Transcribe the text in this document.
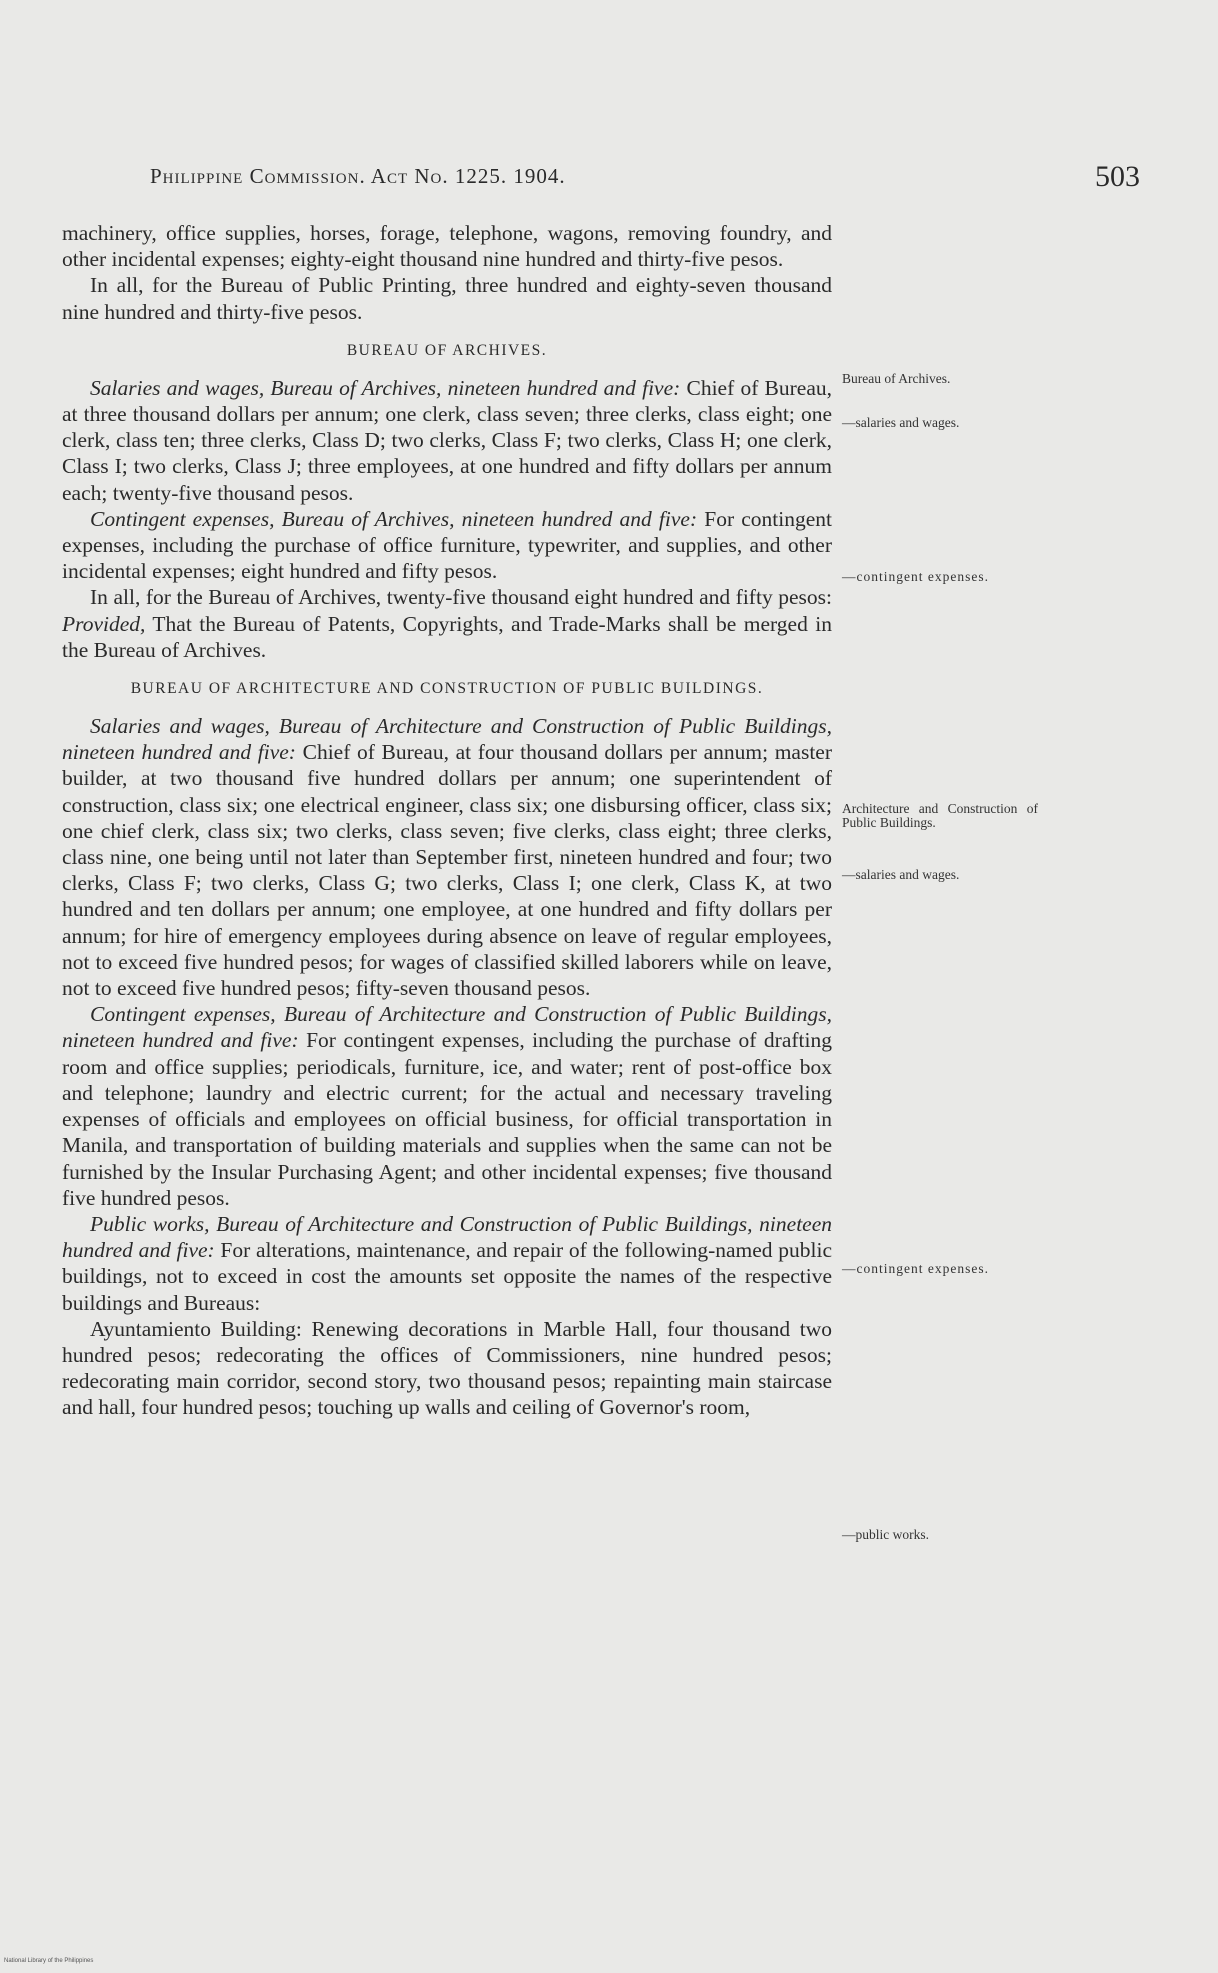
Philippine Commission. Act No. 1225. 1904.	503

machinery, office supplies, horses, forage, telephone, wagons, removing foundry, and other incidental expenses; eighty-eight thousand nine hundred and thirty-five pesos.

In all, for the Bureau of Public Printing, three hundred and eighty-seven thousand nine hundred and thirty-five pesos.

BUREAU OF ARCHIVES.

Salaries and wages, Bureau of Archives, nineteen hundred and five: Chief of Bureau, at three thousand dollars per annum; one clerk, class seven; three clerks, class eight; one clerk, class ten; three clerks, Class D; two clerks, Class F; two clerks, Class H; one clerk, Class I; two clerks, Class J; three employees, at one hundred and fifty dollars per annum each; twenty-five thousand pesos.

Contingent expenses, Bureau of Archives, nineteen hundred and five: For contingent expenses, including the purchase of office furniture, typewriter, and supplies, and other incidental expenses; eight hundred and fifty pesos.

In all, for the Bureau of Archives, twenty-five thousand eight hundred and fifty pesos: Provided, That the Bureau of Patents, Copyrights, and Trade-Marks shall be merged in the Bureau of Archives.

BUREAU OF ARCHITECTURE AND CONSTRUCTION OF PUBLIC BUILDINGS.

Salaries and wages, Bureau of Architecture and Construction of Public Buildings, nineteen hundred and five: Chief of Bureau, at four thousand dollars per annum; master builder, at two thousand five hundred dollars per annum; one superintendent of construction, class six; one electrical engineer, class six; one disbursing officer, class six; one chief clerk, class six; two clerks, class seven; five clerks, class eight; three clerks, class nine, one being until not later than September first, nineteen hundred and four; two clerks, Class F; two clerks, Class G; two clerks, Class I; one clerk, Class K, at two hundred and ten dollars per annum; one employee, at one hundred and fifty dollars per annum; for hire of emergency employees during absence on leave of regular employees, not to exceed five hundred pesos; for wages of classified skilled laborers while on leave, not to exceed five hundred pesos; fifty-seven thousand pesos.

Contingent expenses, Bureau of Architecture and Construction of Public Buildings, nineteen hundred and five: For contingent expenses, including the purchase of drafting room and office supplies; periodicals, furniture, ice, and water; rent of post-office box and telephone; laundry and electric current; for the actual and necessary traveling expenses of officials and employees on official business, for official transportation in Manila, and transportation of building materials and supplies when the same can not be furnished by the Insular Purchasing Agent; and other incidental expenses; five thousand five hundred pesos.

Public works, Bureau of Architecture and Construction of Public Buildings, nineteen hundred and five: For alterations, maintenance, and repair of the following-named public buildings, not to exceed in cost the amounts set opposite the names of the respective buildings and Bureaus:

Ayuntamiento Building: Renewing decorations in Marble Hall, four thousand two hundred pesos; redecorating the offices of Commissioners, nine hundred pesos; redecorating main corridor, second story, two thousand pesos; repainting main staircase and hall, four hundred pesos; touching up walls and ceiling of Governor's room,

Bureau of Archives.
—salaries and wages.
—contingent expenses.
Architecture and Construction of Public Buildings.
—salaries and wages.
—contingent expenses.
—public works.
National Library of the Philippines
